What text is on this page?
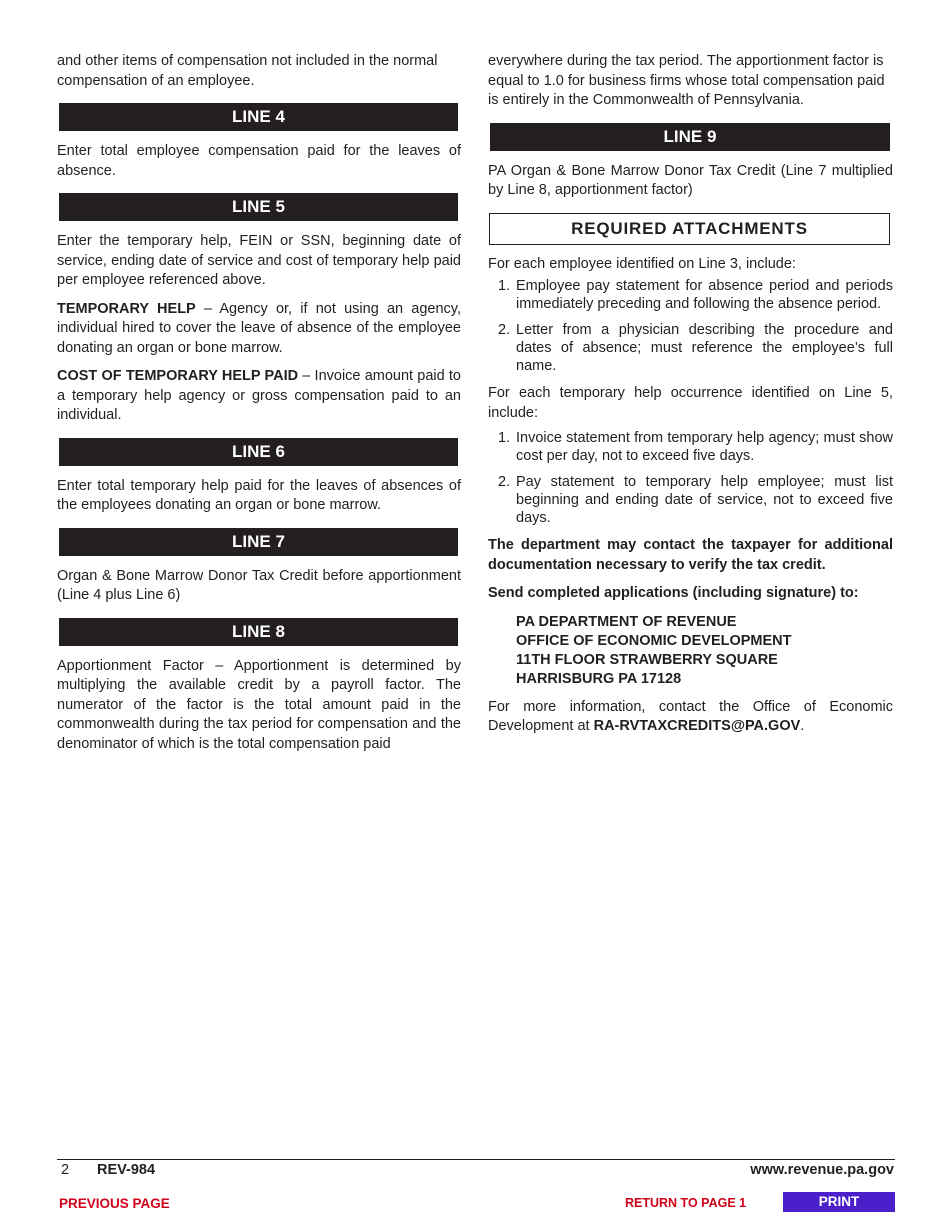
and other items of compensation not included in the normal compensation of an employee.

LINE 4

Enter total employee compensation paid for the leaves of absence.

LINE 5

Enter the temporary help, FEIN or SSN, beginning date of service, ending date of service and cost of temporary help paid per employee referenced above.

TEMPORARY HELP – Agency or, if not using an agency, individual hired to cover the leave of absence of the employee donating an organ or bone marrow.

COST OF TEMPORARY HELP PAID – Invoice amount paid to a temporary help agency or gross compensation paid to an individual.

LINE 6

Enter total temporary help paid for the leaves of absences of the employees donating an organ or bone marrow.

LINE 7

Organ & Bone Marrow Donor Tax Credit before apportionment (Line 4 plus Line 6)

LINE 8

Apportionment Factor – Apportionment is determined by multiplying the available credit by a payroll factor. The numerator of the factor is the total amount paid in the commonwealth during the tax period for compensation and the denominator of which is the total compensation paid

everywhere during the tax period. The apportionment factor is equal to 1.0 for business firms whose total compensation paid is entirely in the Commonwealth of Pennsylvania.

LINE 9

PA Organ & Bone Marrow Donor Tax Credit (Line 7 multiplied by Line 8, apportionment factor)

REQUIRED ATTACHMENTS

For each employee identified on Line 3, include:

1. Employee pay statement for absence period and periods immediately preceding and following the absence period.
2. Letter from a physician describing the procedure and dates of absence; must reference the employee’s full name.

For each temporary help occurrence identified on Line 5, include:

1. Invoice statement from temporary help agency; must show cost per day, not to exceed five days.
2. Pay statement to temporary help employee; must list beginning and ending date of service, not to exceed five days.

The department may contact the taxpayer for additional documentation necessary to verify the tax credit.

Send completed applications (including signature) to:

PA DEPARTMENT OF REVENUE
OFFICE OF ECONOMIC DEVELOPMENT
11TH FLOOR STRAWBERRY SQUARE
HARRISBURG PA 17128

For more information, contact the Office of Economic Development at RA-RVTAXCREDITS@PA.GOV.

2 REV-984	www.revenue.pa.gov
PREVIOUS PAGE	RETURN TO PAGE 1	PRINT
